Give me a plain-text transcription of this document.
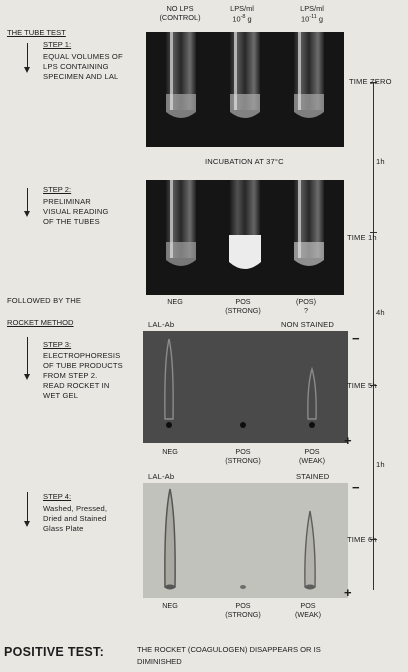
THE TUBE TEST
NO LPS
(CONTROL)
LPS/ml
$10^{-8}$ g
LPS/ml
$10^{-11}$ g
STEP 1:
EQUAL VOLUMES OF
LPS CONTAINING
SPECIMEN AND LAL
INCUBATION AT 37°C
STEP 2:
PRELIMINAR
VISUAL READING
OF THE TUBES
NEG	POS
(STRONG)
(POS)
?
FOLLOWED BY THE
ROCKET METHOD	LAL-Ab	NON STAINED
STEP 3:
ELECTROPHORESIS
OF TUBE PRODUCTS
FROM STEP 2.
READ ROCKET IN
WET GEL
−
+
NEG	POS
(STRONG)
POS
(WEAK)
LAL-Ab	STAINED
STEP 4:
Washed, Pressed,
Dried and Stained
Glass Plate
−
+
NEG	POS
(STRONG)
POS
(WEAK)
TIME ZERO
1h
TIME 1h
4h
TIME 5h
1h
TIME 6h
POSITIVE TEST:	THE ROCKET (COAGULOGEN) DISAPPEARS OR IS
DIMINISHED
